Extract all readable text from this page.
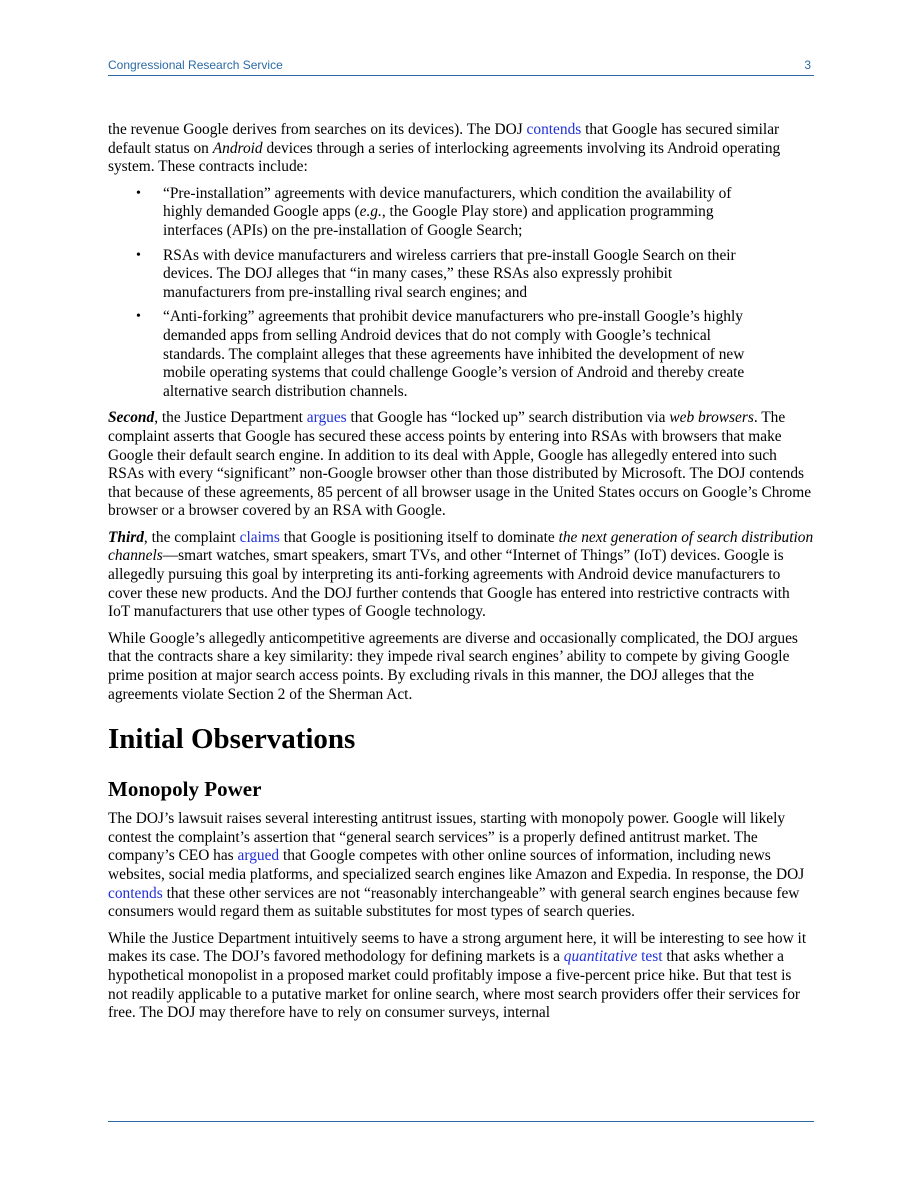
Congressional Research Service	3

the revenue Google derives from searches on its devices). The DOJ contends that Google has secured similar default status on Android devices through a series of interlocking agreements involving its Android operating system. These contracts include:

• “Pre-installation” agreements with device manufacturers, which condition the availability of highly demanded Google apps (e.g., the Google Play store) and application programming interfaces (APIs) on the pre-installation of Google Search;
• RSAs with device manufacturers and wireless carriers that pre-install Google Search on their devices. The DOJ alleges that “in many cases,” these RSAs also expressly prohibit manufacturers from pre-installing rival search engines; and
• “Anti-forking” agreements that prohibit device manufacturers who pre-install Google’s highly demanded apps from selling Android devices that do not comply with Google’s technical standards. The complaint alleges that these agreements have inhibited the development of new mobile operating systems that could challenge Google’s version of Android and thereby create alternative search distribution channels.

Second, the Justice Department argues that Google has “locked up” search distribution via web browsers. The complaint asserts that Google has secured these access points by entering into RSAs with browsers that make Google their default search engine. In addition to its deal with Apple, Google has allegedly entered into such RSAs with every “significant” non-Google browser other than those distributed by Microsoft. The DOJ contends that because of these agreements, 85 percent of all browser usage in the United States occurs on Google’s Chrome browser or a browser covered by an RSA with Google.

Third, the complaint claims that Google is positioning itself to dominate the next generation of search distribution channels—smart watches, smart speakers, smart TVs, and other “Internet of Things” (IoT) devices. Google is allegedly pursuing this goal by interpreting its anti-forking agreements with Android device manufacturers to cover these new products. And the DOJ further contends that Google has entered into restrictive contracts with IoT manufacturers that use other types of Google technology.

While Google’s allegedly anticompetitive agreements are diverse and occasionally complicated, the DOJ argues that the contracts share a key similarity: they impede rival search engines’ ability to compete by giving Google prime position at major search access points. By excluding rivals in this manner, the DOJ alleges that the agreements violate Section 2 of the Sherman Act.

Initial Observations
Monopoly Power

The DOJ’s lawsuit raises several interesting antitrust issues, starting with monopoly power. Google will likely contest the complaint’s assertion that “general search services” is a properly defined antitrust market. The company’s CEO has argued that Google competes with other online sources of information, including news websites, social media platforms, and specialized search engines like Amazon and Expedia. In response, the DOJ contends that these other services are not “reasonably interchangeable” with general search engines because few consumers would regard them as suitable substitutes for most types of search queries.

While the Justice Department intuitively seems to have a strong argument here, it will be interesting to see how it makes its case. The DOJ’s favored methodology for defining markets is a quantitative test that asks whether a hypothetical monopolist in a proposed market could profitably impose a five-percent price hike. But that test is not readily applicable to a putative market for online search, where most search providers offer their services for free. The DOJ may therefore have to rely on consumer surveys, internal
